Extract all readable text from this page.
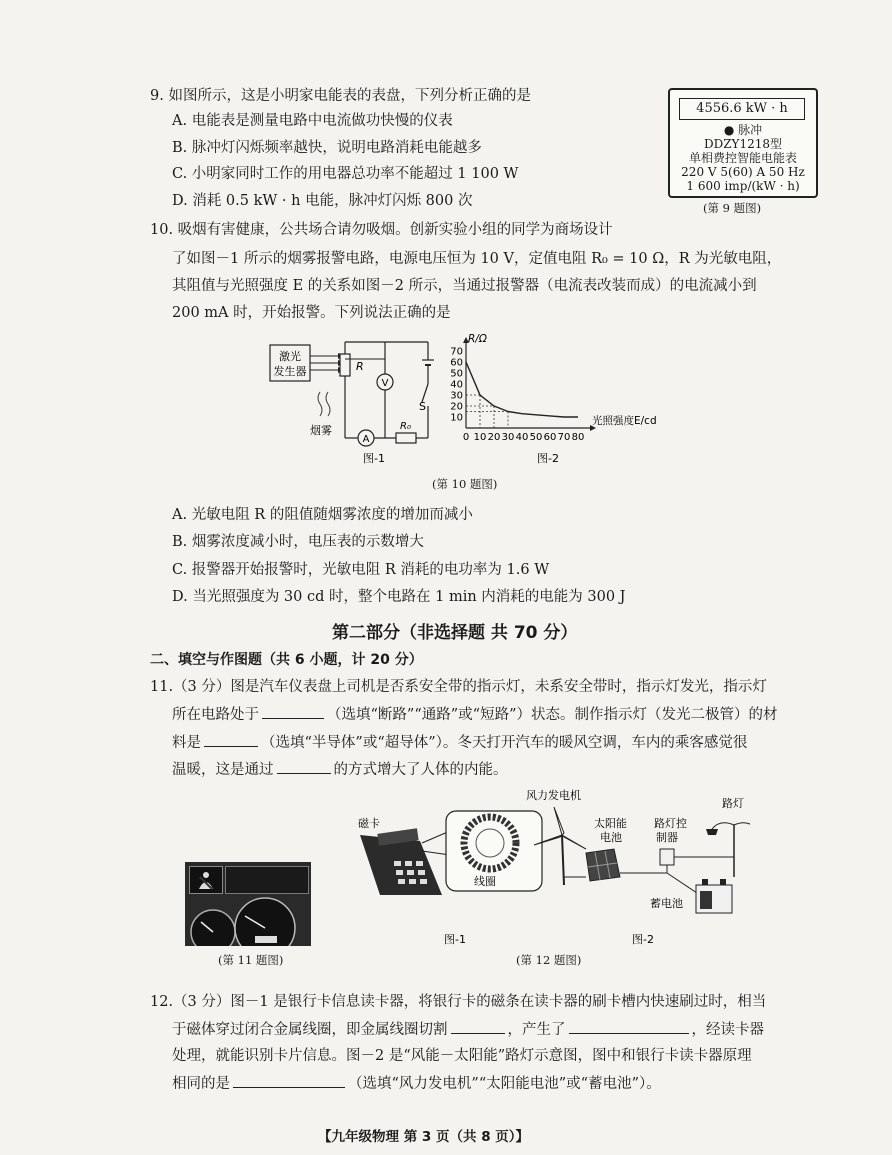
9. 如图所示，这是小明家电能表的表盘，下列分析正确的是
A. 电能表是测量电路中电流做功快慢的仪表
B. 脉冲灯闪烁频率越快，说明电路消耗电能越多
C. 小明家同时工作的用电器总功率不能超过 1 100 W
D. 消耗 0.5 kW · h 电能，脉冲灯闪烁 800 次
4556.6 kW · h
● 脉冲
DDZY1218型
单相费控智能电能表
220 V 5(60) A 50 Hz
1 600 imp/(kW · h)
(第 9 题图)
10. 吸烟有害健康，公共场合请勿吸烟。创新实验小组的同学为商场设计
了如图－1 所示的烟雾报警电路，电源电压恒为 10 V，定值电阻 R₀ = 10 Ω，R 为光敏电阻，
其阻值与光照强度 E 的关系如图－2 所示，当通过报警器（电流表改装而成）的电流减小到
200 mA 时，开始报警。下列说法正确的是
激光
发生器
烟雾
R
V
S
A
R₀
图-1
0 10 20 30 40 50 60 70 80
10
20
30
40
50
60
70
R/Ω
光照强度E/cd
图-2
(第 10 题图)
A. 光敏电阻 R 的阻值随烟雾浓度的增加而减小
B. 烟雾浓度减小时，电压表的示数增大
C. 报警器开始报警时，光敏电阻 R 消耗的电功率为 1.6 W
D. 当光照强度为 30 cd 时，整个电路在 1 min 内消耗的电能为 300 J
第二部分（非选择题 共 70 分）
二、填空与作图题（共 6 小题，计 20 分）
11.（3 分）图是汽车仪表盘上司机是否系安全带的指示灯，未系安全带时，指示灯发光，指示灯
所在电路处于	（选填“断路”“通路”或“短路”）状态。制作指示灯（发光二极管）的材
料是	（选填“半导体”或“超导体”）。冬天打开汽车的暖风空调，车内的乘客感觉很
温暖，这是通过	的方式增大了人体的内能。
(第 11 题图)
磁卡
线圈
图-1
风力发电机
太阳能
电池
路灯控
制器
路灯
蓄电池
图-2
(第 12 题图)
12.（3 分）图－1 是银行卡信息读卡器，将银行卡的磁条在读卡器的刷卡槽内快速刷过时，相当
于磁体穿过闭合金属线圈，即金属线圈切割	，产生了	，经读卡器
处理，就能识别卡片信息。图－2 是“风能－太阳能”路灯示意图，图中和银行卡读卡器原理
相同的是	（选填“风力发电机”“太阳能电池”或“蓄电池”）。
【九年级物理 第 3 页（共 8 页）】
